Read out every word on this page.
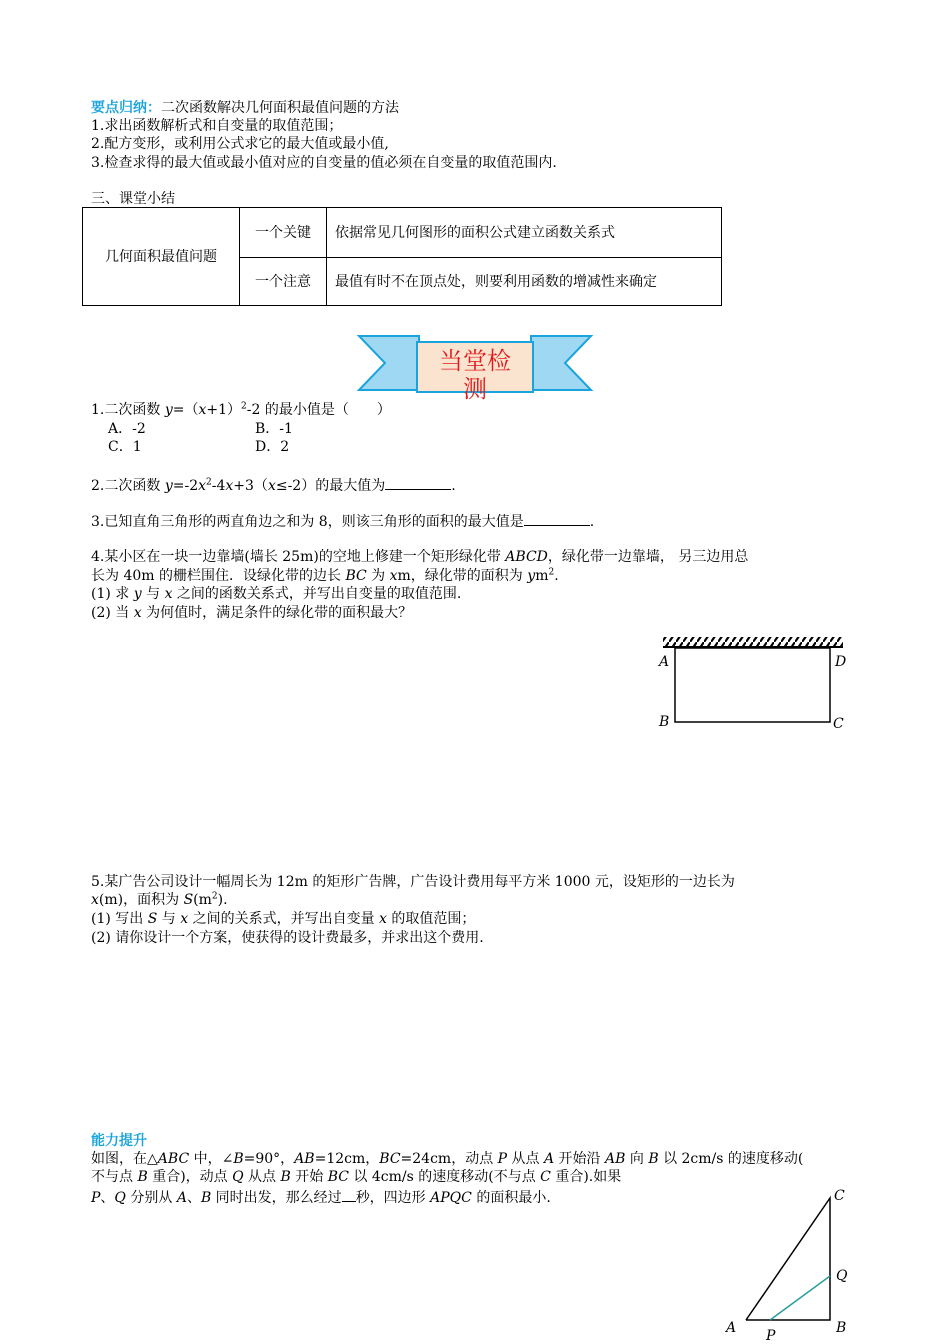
要点归纳：二次函数解决几何面积最值问题的方法
1.求出函数解析式和自变量的取值范围；
2.配方变形，或利用公式求它的最大值或最小值,
3.检查求得的最大值或最小值对应的自变量的值必须在自变量的取值范围内.
三、课堂小结
几何面积最值问题	一个关键	依据常见几何图形的面积公式建立函数关系式
	一个注意	最值有时不在顶点处，则要利用函数的增减性来确定
当堂检
测
1.二次函数 $y=(x+1)^2-2$ 的最小值是（　　）
A．-2	B．-1
C．1	D．2
2.二次函数 $y=-2x^2-4x+3(x\le-2)$的最大值为	.
3.已知直角三角形的两直角边之和为 8，则该三角形的面积的最大值是	.
4.某小区在一块一边靠墙(墙长 25m)的空地上修建一个矩形绿化带 ABCD，绿化带一边靠墙， 另三边用总
长为 40m 的栅栏围住．设绿化带的边长 BC 为 xm，绿化带的面积为 $ym^2$.
(1) 求 y 与 x 之间的函数关系式，并写出自变量的取值范围.
(2) 当 x 为何值时，满足条件的绿化带的面积最大？
A	D
B	C
5.某广告公司设计一幅周长为 12m 的矩形广告牌，广告设计费用每平方米 1000 元，设矩形的一边长为
x(m)，面积为 $S(m^2)$.
(1) 写出 S 与 x 之间的关系式，并写出自变量 x 的取值范围；
(2) 请你设计一个方案，使获得的设计费最多，并求出这个费用.
能力提升
如图，在△ABC 中，∠B=90°，AB=12cm，BC=24cm，动点 P 从点 A 开始沿 AB 向 B 以 2cm/s 的速度移动(
不与点 B 重合)，动点 Q 从点 B 开始 BC 以 4cm/s 的速度移动(不与点 C 重合).如果
P、Q 分别从 A、B 同时出发，那么经过 秒，四边形 APQC 的面积最小.	C
Q
A P	B
